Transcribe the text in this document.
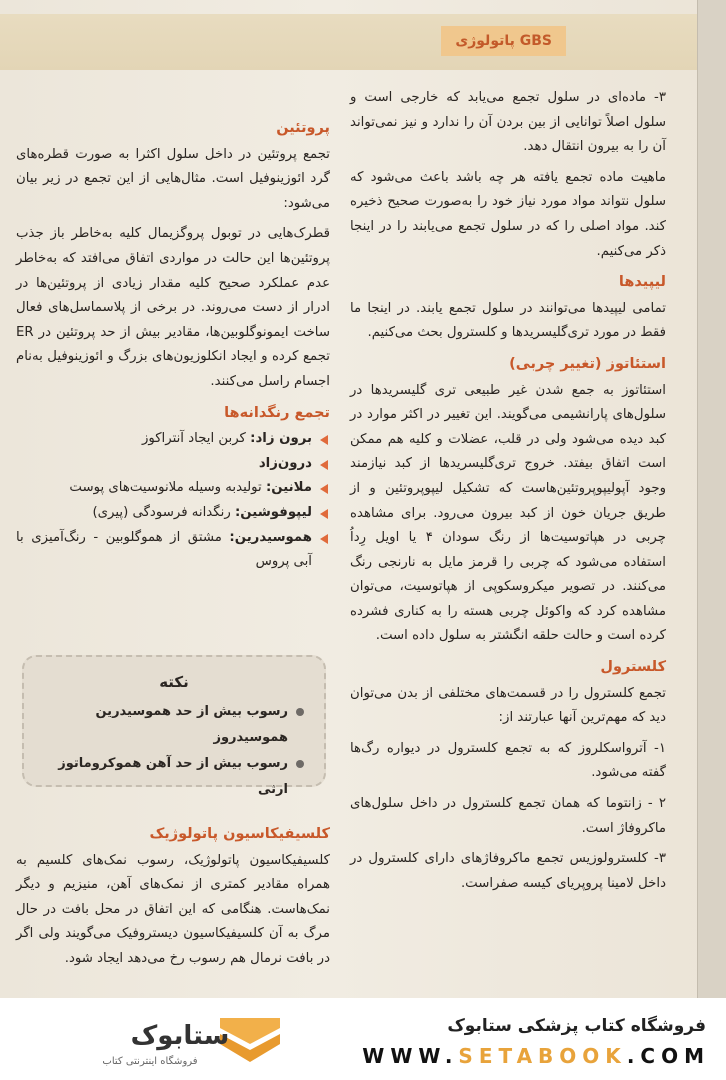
GBS پاتولوژی

۳- ماده‌ای در سلول تجمع می‌یابد که خارجی است و سلول اصلاً توانایی از بین بردن آن را ندارد و نیز نمی‌تواند آن را به بیرون انتقال دهد.

ماهیت ماده تجمع یافته هر چه باشد باعث می‌شود که سلول نتواند مواد مورد نیاز خود را به‌صورت صحیح ذخیره کند. مواد اصلی را که در سلول تجمع می‌یابند را در اینجا ذکر می‌کنیم.

لیپیدها

تمامی لیپیدها می‌توانند در سلول تجمع یابند. در اینجا ما فقط در مورد تری‌گلیسریدها و کلسترول بحث می‌کنیم.

استئاتوز (تغییر چربی)

استئاتوز به جمع شدن غیر طبیعی تری گلیسریدها در سلول‌های پارانشیمی می‌گویند. این تغییر در اکثر موارد در کبد دیده می‌شود ولی در قلب، عضلات و کلیه هم ممکن است اتفاق بیفتد. خروج تری‌گلیسریدها از کبد نیازمند وجود آپولیپوپروتئین‌هاست که تشکیل لیپوپروتئین و از طریق جریان خون از کبد بیرون می‌رود. برای مشاهده چربی در هپاتوسیت‌ها از رنگ سودان ۴ یا اویل رِداُ استفاده می‌شود که چربی را قرمز مایل به نارنجی رنگ می‌کنند. در تصویر میکروسکوپی از هپاتوسیت، می‌توان مشاهده کرد که واکوئل چربی هسته را به کناری فشرده کرده است و حالت حلقه انگشتر به سلول داده است.

کلسترول

تجمع کلسترول را در قسمت‌های مختلفی از بدن می‌توان دید که مهم‌ترین آنها عبارتند از:

۱- آترواسکلروز که به تجمع کلسترول در دیواره رگ‌ها گفته می‌شود.

۲ - زانتوما که همان تجمع کلسترول در داخل سلول‌های ماکروفاژ است.

۳- کلسترولوزیس تجمع ماکروفاژهای دارای کلسترول در داخل لامینا پروپریای کیسه صفراست.

پروتئین

تجمع پروتئین در داخل سلول اکثرا به صورت قطره‌های گرد ائوزینوفیل است. مثال‌هایی از این تجمع در زیر بیان می‌شود:

قطرک‌هایی در توبول پروگزیمال کلیه به‌خاطر باز جذب پروتئین‌ها این حالت در مواردی اتفاق می‌افتد که به‌خاطر عدم عملکرد صحیح کلیه مقدار زیادی از پروتئین‌ها در ادرار از دست می‌روند. در برخی از پلاسماسل‌های فعال ساخت ایمونوگلوبین‌ها، مقادیر بیش از حد پروتئین در ER تجمع کرده و ایجاد انکلوزیون‌های بزرگ و ائوزینوفیل به‌نام اجسام راسل می‌کنند.

تجمع رنگدانه‌ها
برون زاد: کربن ایجاد آنتراکوز
درون‌زاد
ملانین: تولیدبه وسیله ملانوسیت‌های پوست
لیپوفوشین: رنگدانه فرسودگی (پیری)
هموسیدرین: مشتق از هموگلوبین - رنگ‌آمیزی با آبی پروس
نکته
رسوب بیش از حد هموسیدرین هموسیدروز
رسوب بیش از حد آهن هموکروماتوز ارثی
کلسیفیکاسیون پاتولوژیک

کلسیفیکاسیون پاتولوژیک، رسوب نمک‌های کلسیم به همراه مقادیر کمتری از نمک‌های آهن، منیزیم و دیگر نمک‌هاست. هنگامی که این اتفاق در محل بافت در حال مرگ به آن کلسیفیکاسیون دیستروفیک می‌گویند ولی اگر در بافت نرمال هم رسوب رخ می‌دهد ایجاد شود.

ستابوک
فروشگاه اینترنتی کتاب
فروشگاه کتاب پزشکی ستابوک
WWW.SETABOOK.COM
